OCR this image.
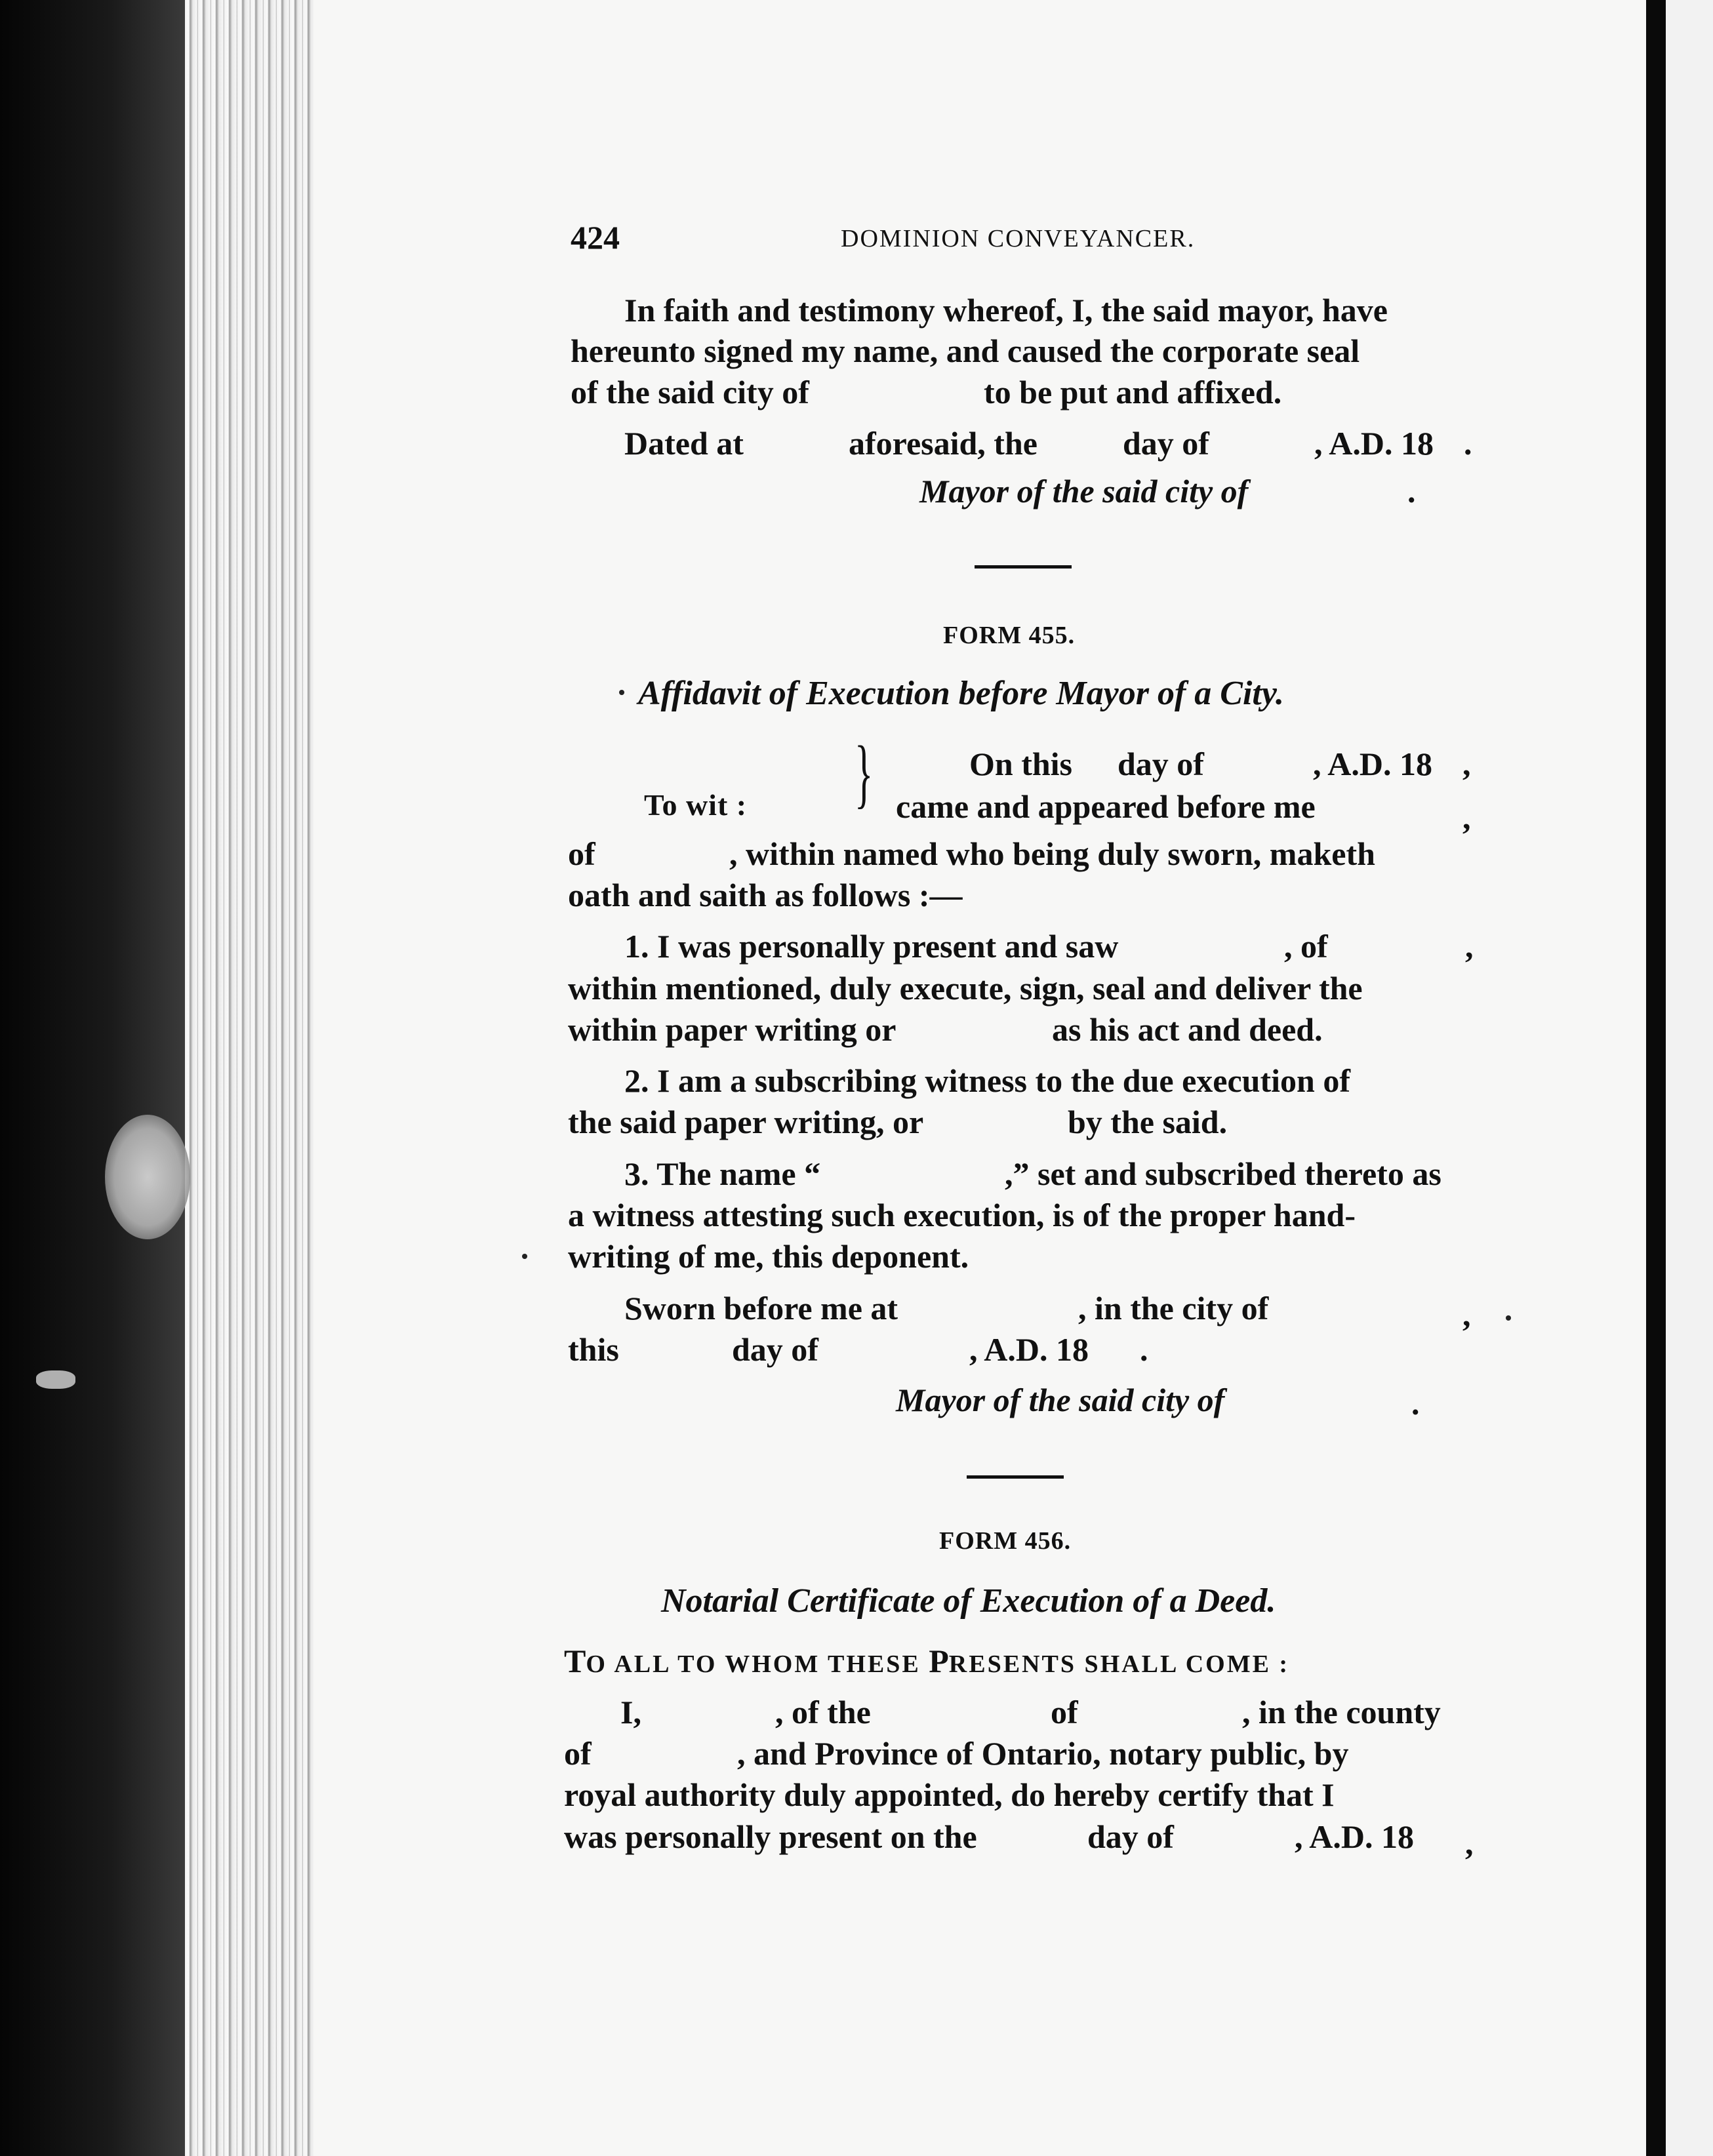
424	DOMINION CONVEYANCER.
In faith and testimony whereof, I, the said mayor, have
hereunto signed my name, and caused the corporate seal
of the said city of	to be put and affixed.
Dated at	aforesaid, the	day of	, A.D. 18 .
Mayor of the said city of	.
FORM 455.
Affidavit of Execution before Mayor of a City.
On this day of	, A.D. 18 ,
}
To wit :	came and appeared before me	,
of	, within named who being duly sworn, maketh
oath and saith as follows :—
1. I was personally present and saw	, of	,
within mentioned, duly execute, sign, seal and deliver the
within paper writing or	as his act and deed.
2. I am a subscribing witness to the due execution of
the said paper writing, or	by the said.
3. The name “	,” set and subscribed thereto as
a witness attesting such execution, is of the proper hand-
writing of me, this deponent.
Sworn before me at	, in the city of	,
this	day of	, A.D. 18 .
Mayor of the said city of	.
FORM 456.
Notarial Certificate of Execution of a Deed.
TO ALL TO WHOM THESE PRESENTS SHALL COME :
I,	, of the	of	, in the county
of	, and Province of Ontario, notary public, by
royal authority duly appointed, do hereby certify that I
was personally present on the	day of	, A.D. 18 ,
